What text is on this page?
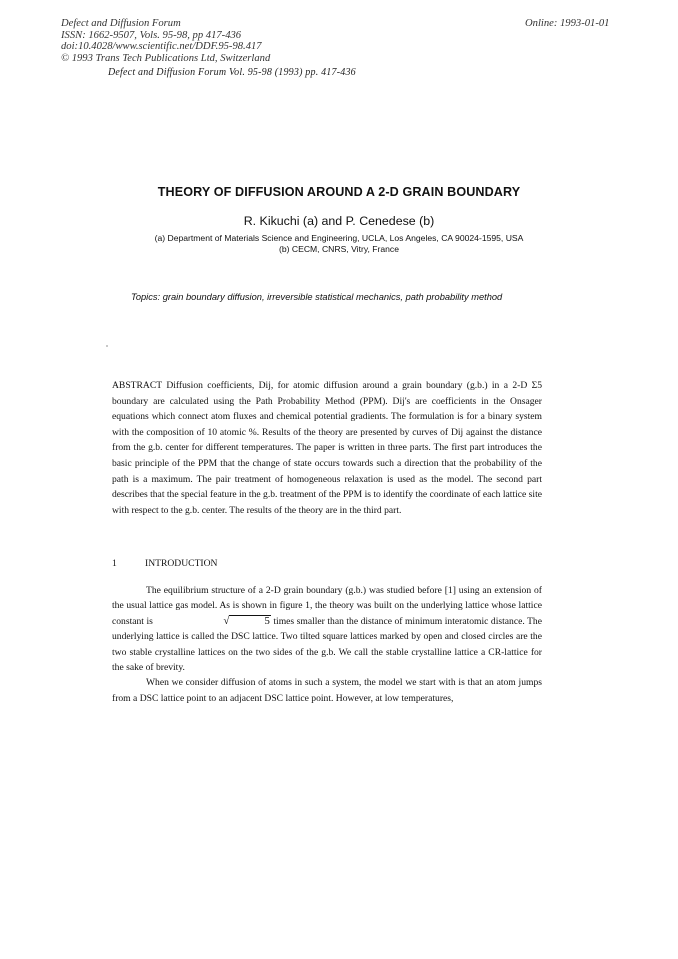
Defect and Diffusion Forum
ISSN: 1662-9507, Vols. 95-98, pp 417-436
doi:10.4028/www.scientific.net/DDF.95-98.417
© 1993 Trans Tech Publications Ltd, Switzerland
Online: 1993-01-01
Defect and Diffusion Forum Vol. 95-98 (1993) pp. 417-436
THEORY OF DIFFUSION AROUND A 2-D GRAIN BOUNDARY
R. Kikuchi (a) and P. Cenedese (b)
(a) Department of Materials Science and Engineering, UCLA, Los Angeles, CA 90024-1595, USA
(b) CECM, CNRS, Vitry, France
Topics: grain boundary diffusion, irreversible statistical mechanics, path probability method
ABSTRACT Diffusion coefficients, Dij, for atomic diffusion around a grain boundary (g.b.) in a 2-D Σ5 boundary are calculated using the Path Probability Method (PPM). Dij's are coefficients in the Onsager equations which connect atom fluxes and chemical potential gradients. The formulation is for a binary system with the composition of 10 atomic %. Results of the theory are presented by curves of Dij against the distance from the g.b. center for different temperatures. The paper is written in three parts. The first part introduces the basic principle of the PPM that the change of state occurs towards such a direction that the probability of the path is a maximum. The pair treatment of homogeneous relaxation is used as the model. The second part describes that the special feature in the g.b. treatment of the PPM is to identify the coordinate of each lattice site with respect to the g.b. center. The results of the theory are in the third part.
1	INTRODUCTION

The equilibrium structure of a 2-D grain boundary (g.b.) was studied before [1] using an extension of the usual lattice gas model. As is shown in figure 1, the theory was built on the underlying lattice whose lattice constant is	√	5 times smaller than the distance of minimum interatomic distance. The underlying lattice is called the DSC lattice. Two tilted square lattices marked by open and closed circles are the two stable crystalline lattices on the two sides of the g.b. We call the stable crystalline lattice a CR-lattice for the sake of brevity.

When we consider diffusion of atoms in such a system, the model we start with is that an atom jumps from a DSC lattice point to an adjacent DSC lattice point. However, at low temperatures,
